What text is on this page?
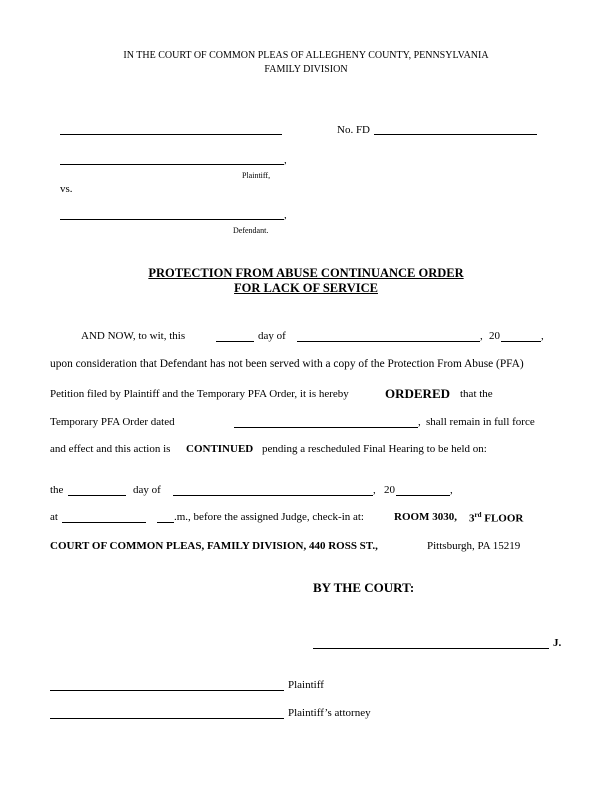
IN THE COURT OF COMMON PLEAS OF ALLEGHENY COUNTY, PENNSYLVANIA
FAMILY DIVISION
No. FD
,
Plaintiff,
vs.
,
Defendant.
PROTECTION FROM ABUSE CONTINUANCE ORDER
FOR LACK OF SERVICE
AND NOW, to wit, this	day of	, 20	,
upon consideration that Defendant has not been served with a copy of the Protection From Abuse (PFA)
Petition filed by Plaintiff and the Temporary PFA Order, it is hereby	ORDERED that the
Temporary PFA Order dated	, shall remain in full force
and effect and this action is CONTINUED pending a rescheduled Final Hearing to be held on:
the	day of	, 20	,
at	.m., before the assigned Judge, check-in at:	ROOM 3030, 3rd FLOOR
COURT OF COMMON PLEAS, FAMILY DIVISION, 440 ROSS ST.,	Pittsburgh, PA 15219
BY THE COURT:
J.
Plaintiff
Plaintiff’s attorney
